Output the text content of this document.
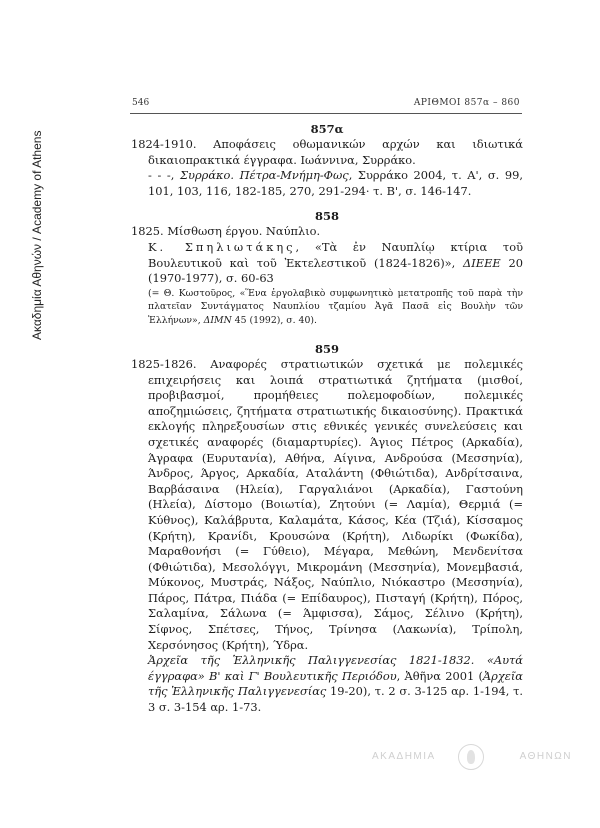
Ακαδημία Αθηνών / Academy of Athens
546	ΑΡΙΘΜΟΙ 857α – 860
857α

1824-1910. Αποφάσεις οθωμανικών αρχών και ιδιωτικά δικαιοπρακτικά έγγραφα. Ιωάννινα, Συρράκο.

- - -, Συρράκο. Πέτρα-Μνήμη-Φως, Συρράκο 2004, τ. Α', σ. 99, 101, 103, 116, 182-185, 270, 291-294· τ. Β', σ. 146-147.

858

1825. Μίσθωση έργου. Ναύπλιο.

Κ. Σπηλιωτάκης, «Τὰ ἐν Ναυπλίῳ κτίρια τοῦ Βουλευτικοῦ καὶ τοῦ Ἐκτελεστικοῦ (1824-1826)», ΔΙΕΕΕ 20 (1970-1977), σ. 60-63

(= Θ. Κωστοῦρος, «Ἕνα ἐργολαβικὸ συμφωνητικὸ μετατροπῆς τοῦ παρὰ τὴν πλατεῖαν Συντάγματος Ναυπλίου τζαμίου Ἀγᾶ Πασᾶ εἰς Βουλὴν τῶν Ἑλλήνων», ΔΙΜΝ 45 (1992), σ. 40).

859

1825-1826. Αναφορές στρατιωτικών σχετικά με πολεμικές επιχειρήσεις και λοιπά στρατιωτικά ζητήματα (μισθοί, προβιβασμοί, προμήθειες πολεμοφοδίων, πολεμικές αποζημιώσεις, ζητήματα στρατιωτικής δικαιοσύνης). Πρακτικά εκλογής πληρεξουσίων στις εθνικές γενικές συνελεύσεις και σχετικές αναφορές (διαμαρτυρίες). Άγιος Πέτρος (Αρκαδία), Άγραφα (Ευρυτανία), Αθήνα, Αίγινα, Ανδρούσα (Μεσσηνία), Άνδρος, Άργος, Αρκαδία, Αταλάντη (Φθιώτιδα), Ανδρίτσαινα, Βαρβάσαινα (Ηλεία), Γαργαλιάνοι (Αρκαδία), Γαστούνη (Ηλεία), Δίστομο (Βοιωτία), Ζητούνι (= Λαμία), Θερμιά (= Κύθνος), Καλάβρυτα, Καλαμάτα, Κάσος, Κέα (Τζιά), Κίσσαμος (Κρήτη), Κρανίδι, Κρουσώνα (Κρήτη), Λιδωρίκι (Φωκίδα), Μαραθονήσι (= Γύθειο), Μέγαρα, Μεθώνη, Μενδενίτσα (Φθιώτιδα), Μεσολόγγι, Μικρομάνη (Μεσσηνία), Μονεμβασιά, Μύκονος, Μυστράς, Νάξος, Ναύπλιο, Νιόκαστρο (Μεσσηνία), Πάρος, Πάτρα, Πιάδα (= Επίδαυρος), Πισταγή (Κρήτη), Πόρος, Σαλαμίνα, Σάλωνα (= Άμφισσα), Σάμος, Σέλινο (Κρήτη), Σίφνος, Σπέτσες, Τήνος, Τρίνησα (Λακωνία), Τρίπολη, Χερσόνησος (Κρήτη), Ύδρα.

Ἀρχεῖα τῆς Ἑλληνικῆς Παλιγγενεσίας 1821-1832. «Αυτά έγγραφα» Β' καὶ Γ' Βουλευτικῆς Περιόδου, Ἀθῆνα 2001 (Ἀρχεῖα τῆς Ἑλληνικῆς Παλιγγενεσίας 19-20), τ. 2 σ. 3-125 αρ. 1-194, τ. 3 σ. 3-154 αρ. 1-73.

ΑΚΑΔΗΜΙΑ	ΑΘΗΝΩΝ
